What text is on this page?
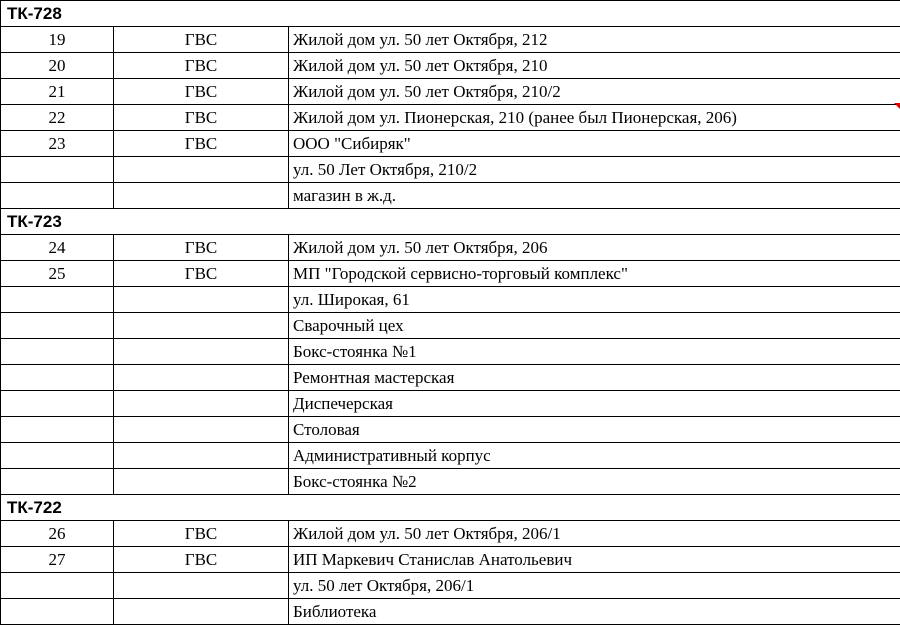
ТК-728		
19	ГВС	Жилой дом ул. 50 лет Октября, 212
20	ГВС	Жилой дом ул. 50 лет Октября, 210
21	ГВС	Жилой дом ул. 50 лет Октября, 210/2
22	ГВС	Жилой дом ул. Пионерская, 210 (ранее был Пионерская, 206)
23	ГВС	ООО "Сибиряк"
		ул. 50 Лет Октября, 210/2
		магазин в ж.д.
ТК-723		
24	ГВС	Жилой дом ул. 50 лет Октября, 206
25	ГВС	МП "Городской сервисно-торговый комплекс"
		ул. Широкая, 61
		Сварочный цех
		Бокс-стоянка №1
		Ремонтная мастерская
		Диспечерская
		Столовая
		Административный корпус
		Бокс-стоянка №2
ТК-722		
26	ГВС	Жилой дом ул. 50 лет Октября, 206/1
27	ГВС	ИП Маркевич Станислав Анатольевич
		ул. 50 лет Октября, 206/1
		Библиотека
